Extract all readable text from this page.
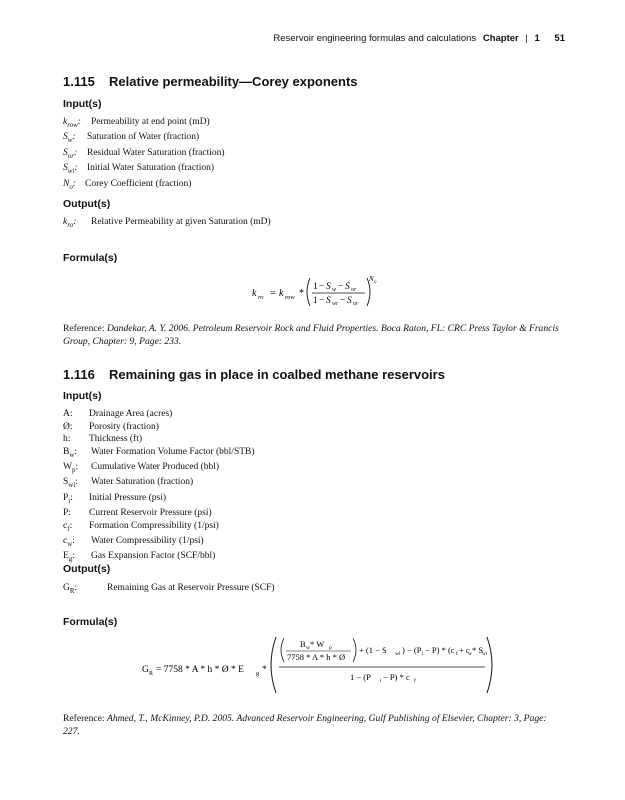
Reservoir engineering formulas and calculations Chapter | 1 51
1.115 Relative permeability—Corey exponents
Input(s)
$k_{row}$: Permeability at end point (mD)
$S_w$: Saturation of Water (fraction)
$S_{or}$: Residual Water Saturation (fraction)
$S_{wi}$: Initial Water Saturation (fraction)
$N_o$: Corey Coefficient (fraction)
Output(s)
$k_{ro}$: Relative Permeability at given Saturation (mD)
Formula(s)
k ro = k row *
1 − S w − S or
1 − S wi − S or
N o
Reference: Dandekar, A. Y. 2006. Petroleum Reservoir Rock and Fluid Properties. Boca Raton, FL: CRC Press Taylor & Francis Group, Chapter: 9, Page: 233.
1.116 Remaining gas in place in coalbed methane reservoirs
Input(s)
A: Drainage Area (acres)
Ø: Porosity (fraction)
h: Thickness (ft)
$B_w$: Water Formation Volume Factor (bbl/STB)
$W_p$: Cumulative Water Produced (bbl)
$S_{wi}$: Water Saturation (fraction)
$P_i$: Initial Pressure (psi)
P: Current Reservoir Pressure (psi)
$c_f$: Formation Compressibility (1/psi)
$c_w$: Water Compressibility (1/psi)
$E_g$: Gas Expansion Factor (SCF/bbl)
Output(s)
$G_R$:	Remaining Gas at Reservoir Pressure (SCF)
Formula(s)
G R = 7758 * A * h * Ø * E g *
B w * W p
7758 * A * h * Ø
+ (1 − S wi ) − (P i − P) * (c f + c
w * S
wi
1 − (P i − P) * c f
Reference: Ahmed, T., McKinney, P.D. 2005. Advanced Reservoir Engineering, Gulf Publishing of Elsevier, Chapter: 3, Page: 227.
